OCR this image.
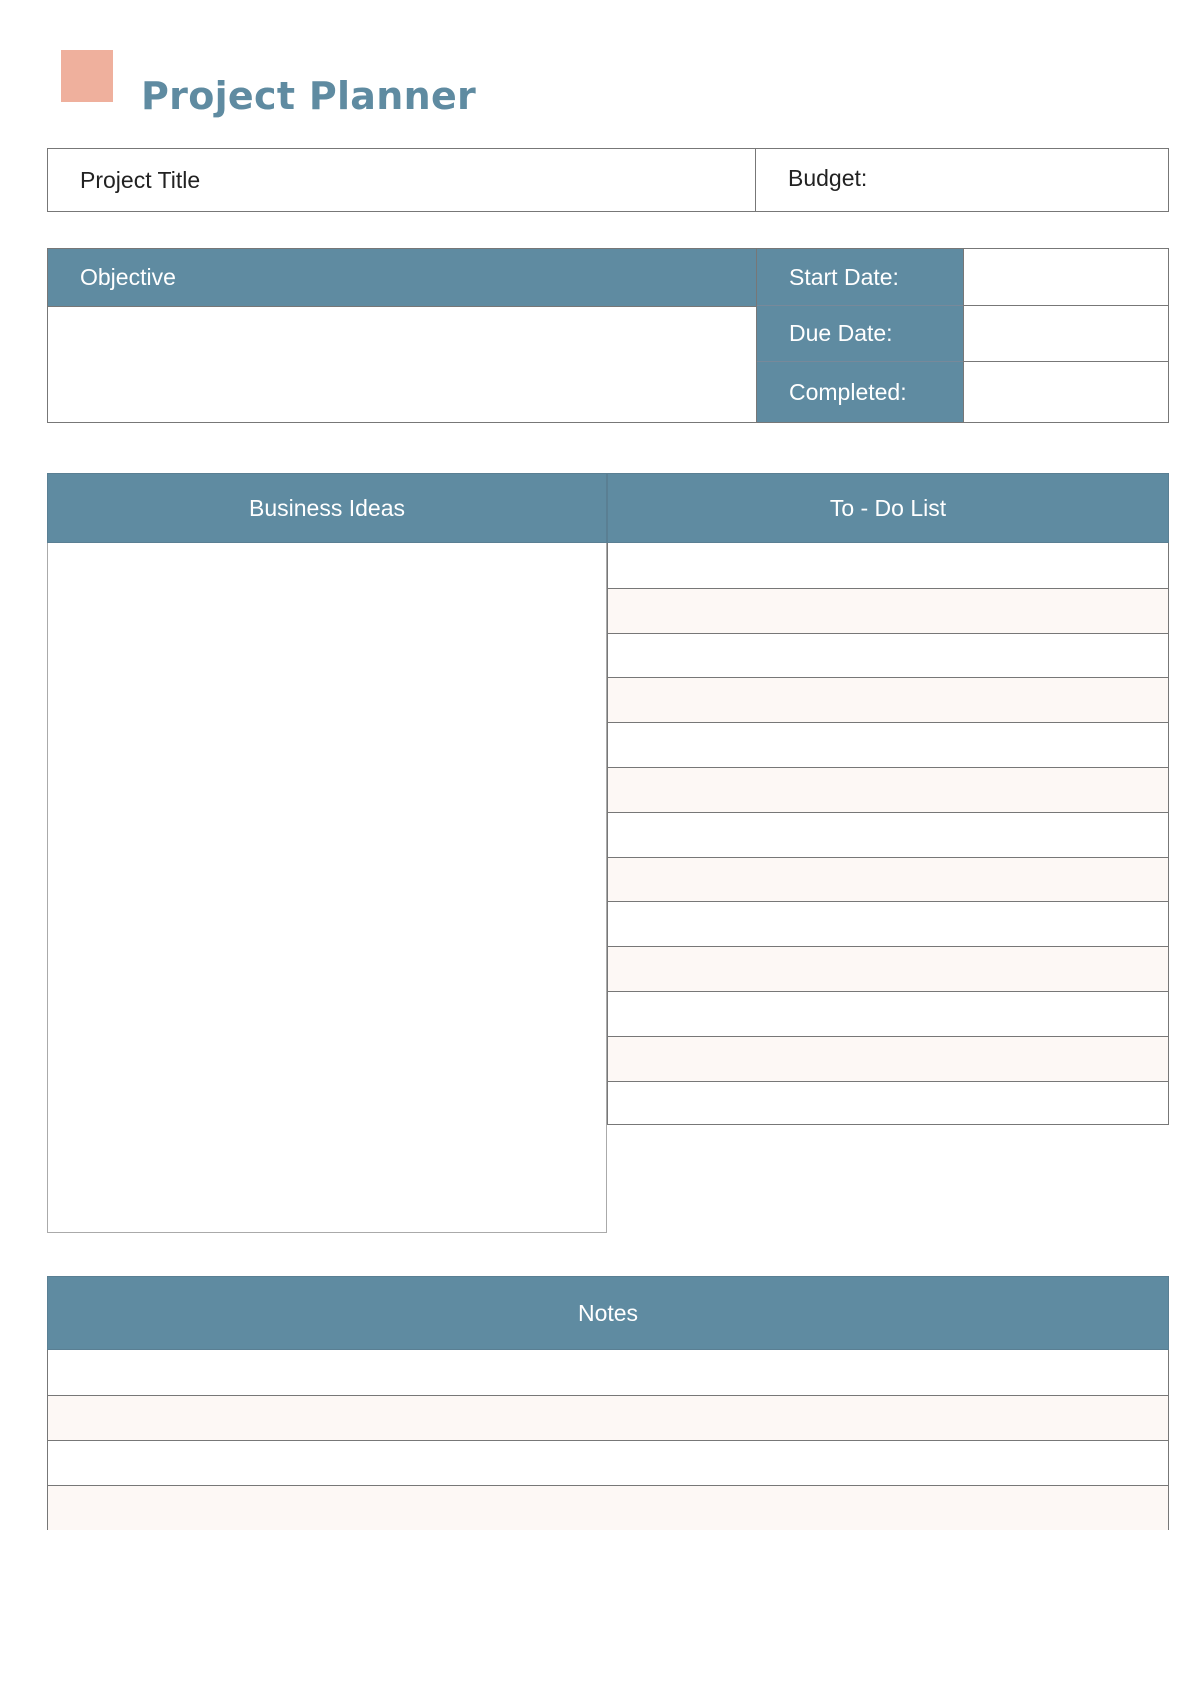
Project Planner
Project Title	Budget:
Objective	Start Date:
Due Date:
Completed:
Business Ideas	To - Do List
Notes
